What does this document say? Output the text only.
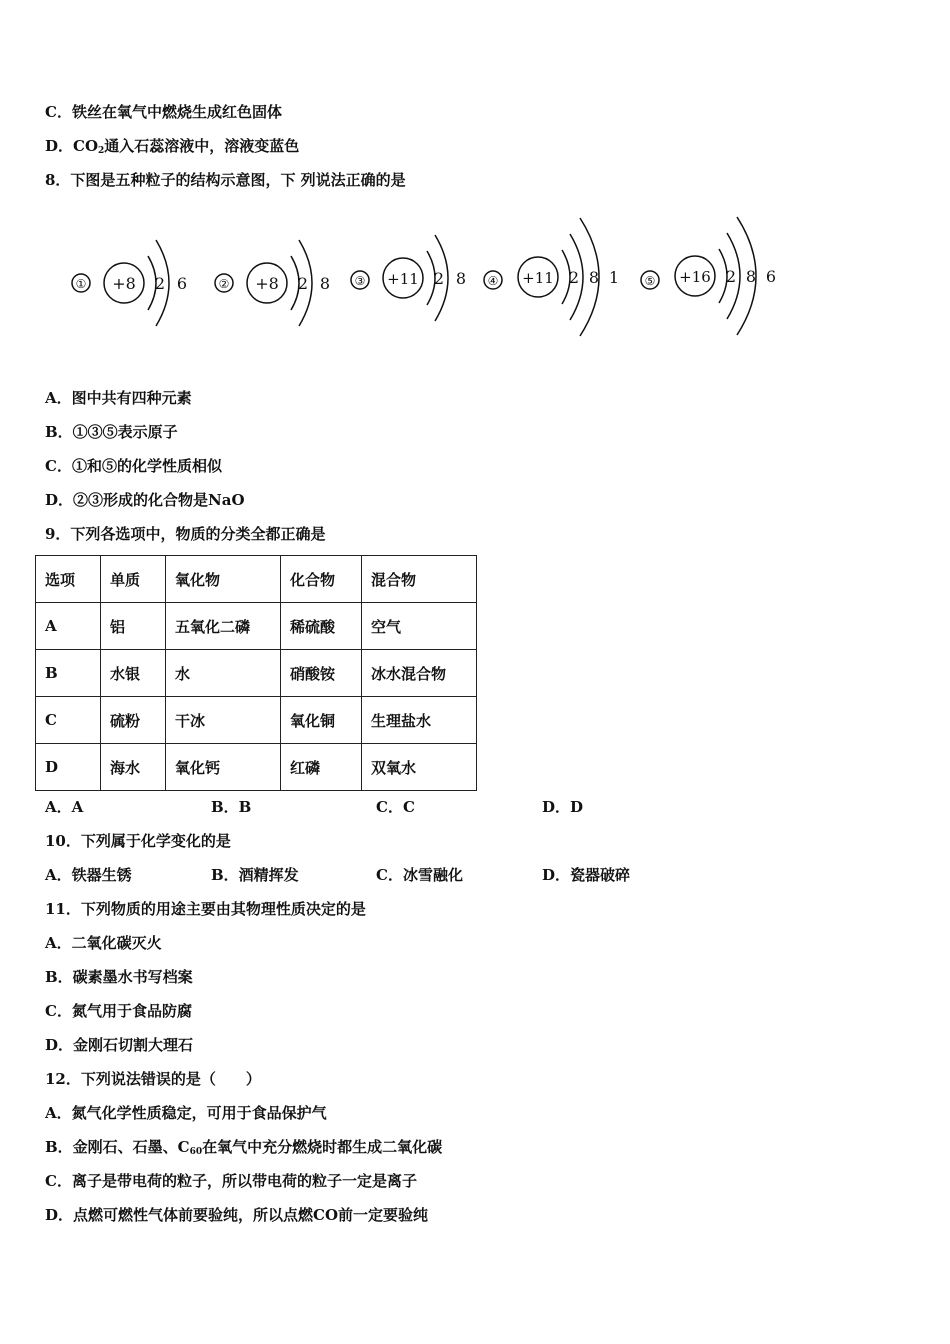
C．铁丝在氧气中燃烧生成红色固体
D．$CO_2$通入石蕊溶液中，溶液变蓝色
8．下图是五种粒子的结构示意图，下 列说法正确的是
① +8 2 6	② +8 2 8 ③ +11 2 8 ④ +11 2 8 1 ⑤ +16 2 8 6
A．图中共有四种元素
B．①③⑤表示原子
C．①和⑤的化学性质相似
D．②③形成的化合物是NaO
9．下列各选项中，物质的分类全都正确是
选项	单质	氧化物	化合物	混合物
A	铝	五氧化二磷	稀硫酸	空气
B	水银	水	硝酸铵	冰水混合物
C	硫粉	干冰	氧化铜	生理盐水
D	海水	氧化钙	红磷	双氧水
A．A	B．B	C．C	D．D
10．下列属于化学变化的是
A．铁器生锈	B．酒精挥发	C．冰雪融化	D．瓷器破碎
11．下列物质的用途主要由其物理性质决定的是
A．二氧化碳灭火
B．碳素墨水书写档案
C．氮气用于食品防腐
D．金刚石切割大理石
12．下列说法错误的是（　　）
A．氮气化学性质稳定，可用于食品保护气
B．金刚石、石墨、$C_{60}$在氧气中充分燃烧时都生成二氧化碳
C．离子是带电荷的粒子，所以带电荷的粒子一定是离子
D．点燃可燃性气体前要验纯，所以点燃CO前一定要验纯
